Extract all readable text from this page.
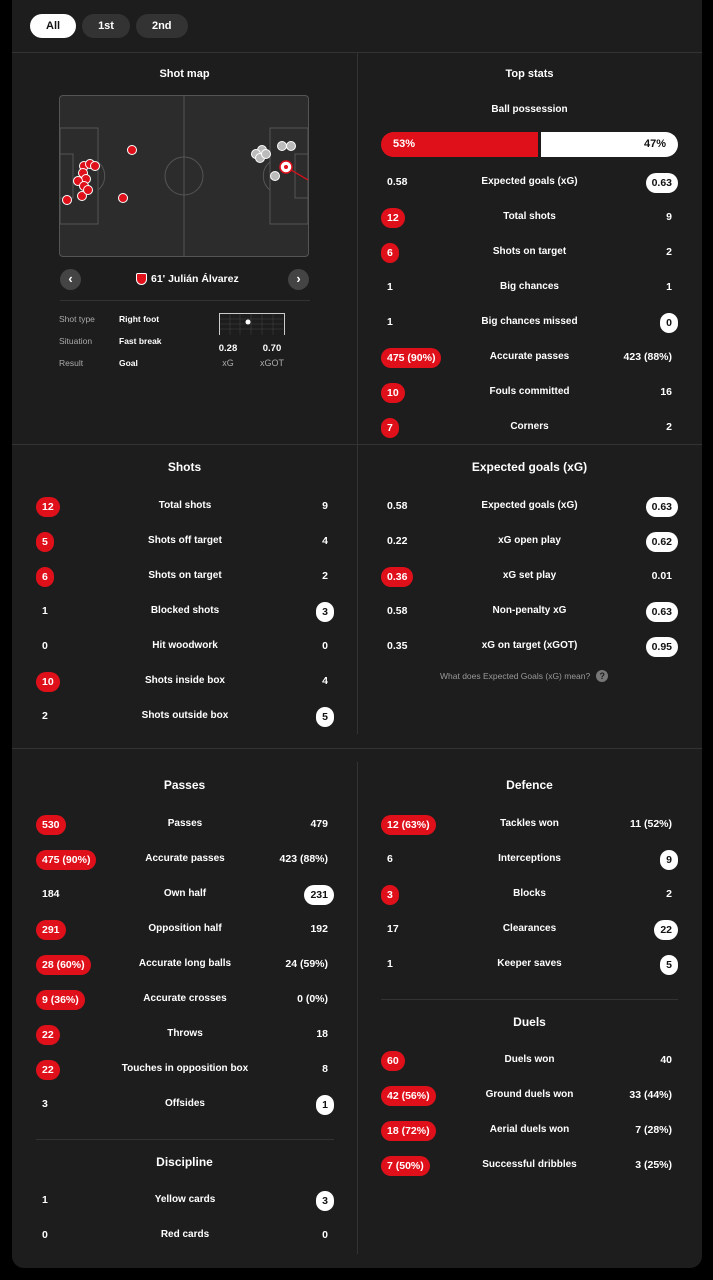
All	1st	2nd
Shot map
‹	›
61' Julián Álvarez
Shot type	Right foot
Situation	Fast break
Result	Goal
0.28	0.70
xG	xGOT
Top stats
Ball possession
53%	47%
0.58	Expected goals (xG)	0.63
12	Total shots	9
6	Shots on target	2
1	Big chances	1
1	Big chances missed	0
475 (90%)	Accurate passes	423 (88%)
10	Fouls committed	16
7	Corners	2
Shots
12	Total shots	9
5	Shots off target	4
6	Shots on target	2
1	Blocked shots	3
0	Hit woodwork	0
10	Shots inside box	4
2	Shots outside box	5
Expected goals (xG)
0.58	Expected goals (xG)	0.63
0.22	xG open play	0.62
0.36	xG set play	0.01
0.58	Non-penalty xG	0.63
0.35	xG on target (xGOT)	0.95
What does Expected Goals (xG) mean?	?
Passes
530	Passes	479
475 (90%)	Accurate passes	423 (88%)
184	Own half	231
291	Opposition half	192
28 (60%)	Accurate long balls	24 (59%)
9 (36%)	Accurate crosses	0 (0%)
22	Throws	18
22	Touches in opposition box	8
3	Offsides	1
Discipline
1	Yellow cards	3
0	Red cards	0
Defence
12 (63%)	Tackles won	11 (52%)
6	Interceptions	9
3	Blocks	2
17	Clearances	22
1	Keeper saves	5
Duels
60	Duels won	40
42 (56%)	Ground duels won	33 (44%)
18 (72%)	Aerial duels won	7 (28%)
7 (50%)	Successful dribbles	3 (25%)
